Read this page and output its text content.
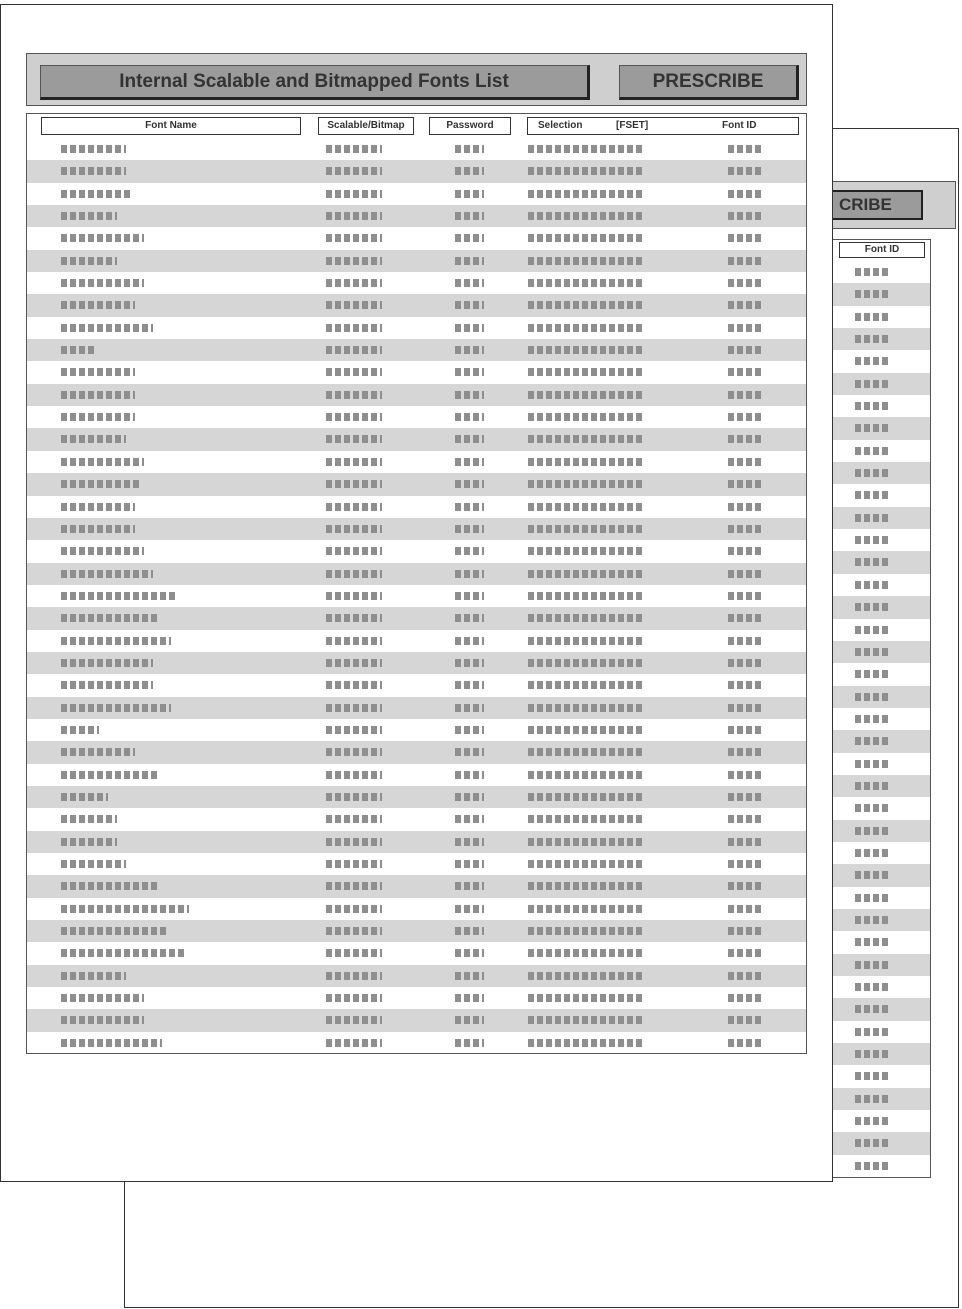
CRIBE
Font ID
Internal Scalable and Bitmapped Fonts List	PRESCRIBE
Font Name	Scalable/Bitmap	Password	Selection	[FSET]	Font ID
